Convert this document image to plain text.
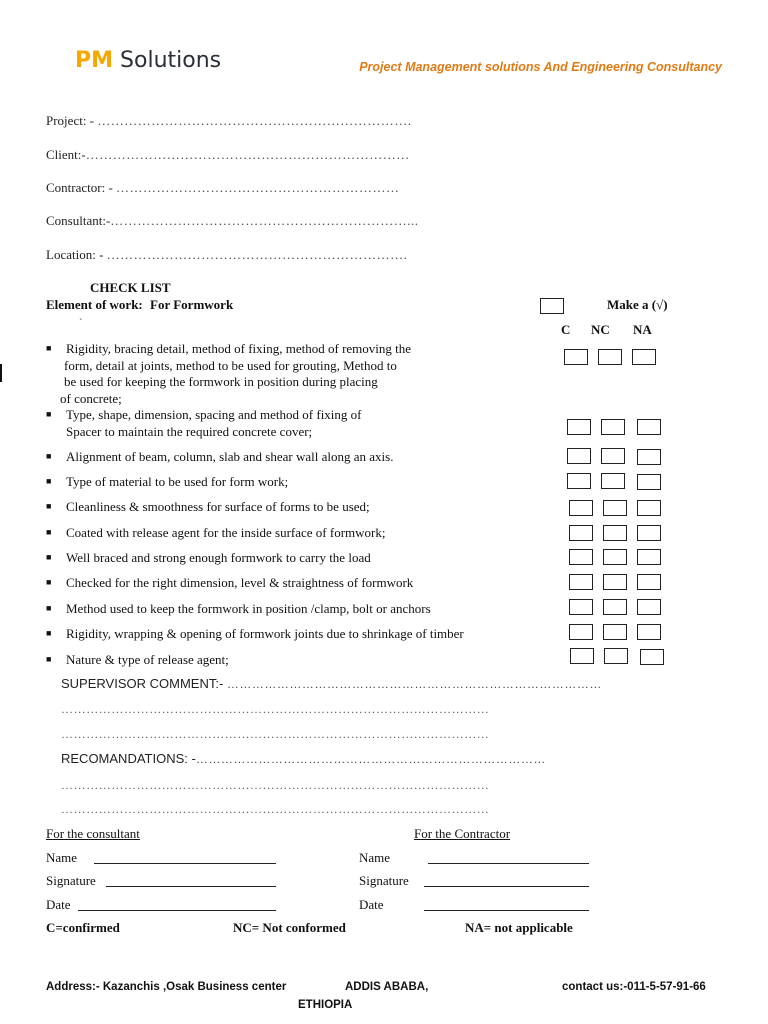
PM Solutions	Project Management solutions And Engineering Consultancy
Project: - …………………………………………………………….
Client:-………………………………………………………………
Contractor: - ………………………………………………………
Consultant:-…………………………………………………………...
Location: - ………………………………………………………….
CHECK LIST
Element of work: For Formwork	Make a (√)
`	C NC NA
■ Rigidity, bracing detail, method of fixing, method of removing the
form, detail at joints, method to be used for grouting, Method to
be used for keeping the formwork in position during placing
of concrete;
■ Type, shape, dimension, spacing and method of fixing of
Spacer to maintain the required concrete cover;
■ Alignment of beam, column, slab and shear wall along an axis.
■ Type of material to be used for form work;
■ Cleanliness & smoothness for surface of forms to be used;
■ Coated with release agent for the inside surface of formwork;
■ Well braced and strong enough formwork to carry the load
■ Checked for the right dimension, level & straightness of formwork
■ Method used to keep the formwork in position /clamp, bolt or anchors
■ Rigidity, wrapping & opening of formwork joints due to shrinkage of timber
■ Nature & type of release agent;
SUPERVISOR COMMENT:- ………………………………………………………………………………
…………………………………………………………………………………………
…………………………………………………………………………………………
RECOMANDATIONS: -…………………………………………………………………………
…………………………………………………………………………………………
…………………………………………………………………………………………
For the consultant	For the Contractor
Name	Name
Signature	Signature
Date	Date
C=confirmed	NC= Not conformed	NA= not applicable
Address:- Kazanchis ,Osak Business center	ADDIS ABABA,
ETHIOPIA
contact us:-011-5-57-91-66
